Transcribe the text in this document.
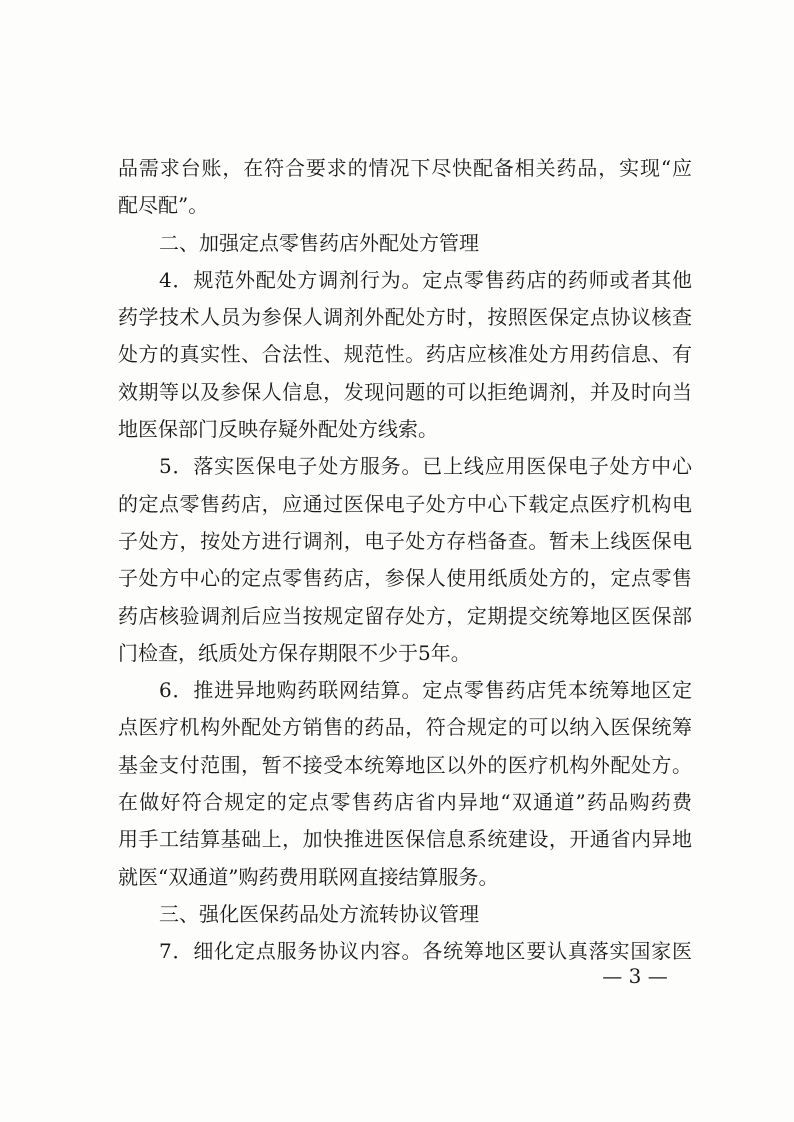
品需求台账，在符合要求的情况下尽快配备相关药品，实现“应
配尽配”。
二、加强定点零售药店外配处方管理
4．规范外配处方调剂行为。定点零售药店的药师或者其他
药学技术人员为参保人调剂外配处方时，按照医保定点协议核查
处方的真实性、合法性、规范性。药店应核准处方用药信息、有
效期等以及参保人信息，发现问题的可以拒绝调剂，并及时向当
地医保部门反映存疑外配处方线索。
5．落实医保电子处方服务。已上线应用医保电子处方中心
的定点零售药店，应通过医保电子处方中心下载定点医疗机构电
子处方，按处方进行调剂，电子处方存档备查。暂未上线医保电
子处方中心的定点零售药店，参保人使用纸质处方的，定点零售
药店核验调剂后应当按规定留存处方，定期提交统筹地区医保部
门检查，纸质处方保存期限不少于5年。
6．推进异地购药联网结算。定点零售药店凭本统筹地区定
点医疗机构外配处方销售的药品，符合规定的可以纳入医保统筹
基金支付范围，暂不接受本统筹地区以外的医疗机构外配处方。
在做好符合规定的定点零售药店省内异地“双通道”药品购药费
用手工结算基础上，加快推进医保信息系统建设，开通省内异地
就医“双通道”购药费用联网直接结算服务。
三、强化医保药品处方流转协议管理
7．细化定点服务协议内容。各统筹地区要认真落实国家医
— 3 —
